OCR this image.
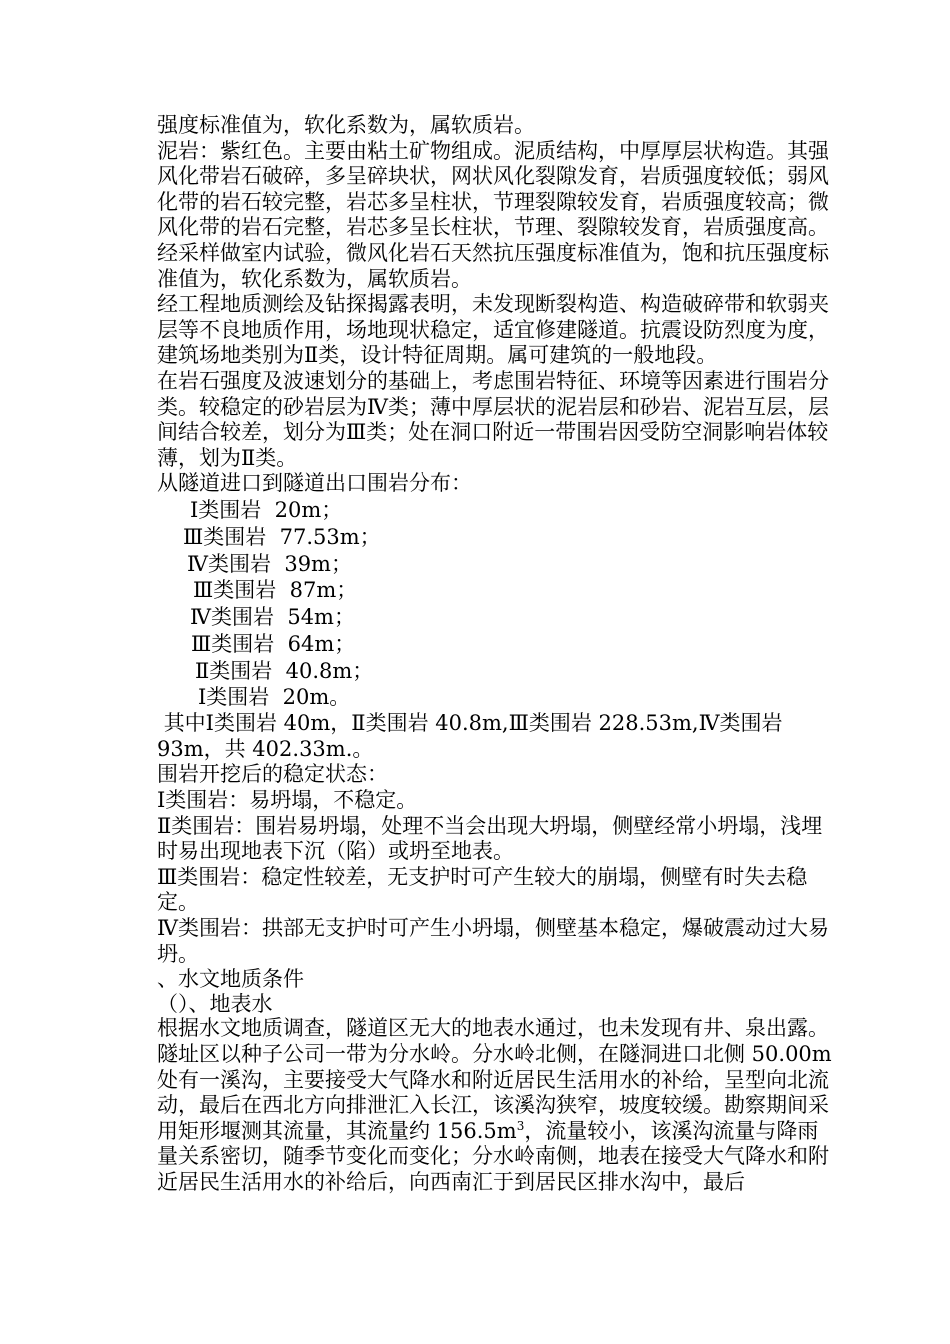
强度标准值为，软化系数为，属软质岩。

泥岩：紫红色。主要由粘土矿物组成。泥质结构，中厚厚层状构造。其强风化带岩石破碎，多呈碎块状，网状风化裂隙发育，岩质强度较低；弱风化带的岩石较完整，岩芯多呈柱状，节理裂隙较发育，岩质强度较高；微风化带的岩石完整，岩芯多呈长柱状，节理、裂隙较发育，岩质强度高。经采样做室内试验，微风化岩石天然抗压强度标准值为，饱和抗压强度标准值为，软化系数为，属软质岩。

经工程地质测绘及钻探揭露表明，未发现断裂构造、构造破碎带和软弱夹层等不良地质作用，场地现状稳定，适宜修建隧道。抗震设防烈度为度，建筑场地类别为Ⅱ类，设计特征周期。属可建筑的一般地段。

在岩石强度及波速划分的基础上，考虑围岩特征、环境等因素进行围岩分类。较稳定的砂岩层为Ⅳ类；薄中厚层状的泥岩层和砂岩、泥岩互层，层间结合较差，划分为Ⅲ类；处在洞口附近一带围岩因受防空洞影响岩体较薄，划为Ⅱ类。

从隧道进口到隧道出口围岩分布：

Ⅰ类围岩  20m；

Ⅲ类围岩  77.53m；

Ⅳ类围岩  39m；

Ⅲ类围岩  87m；

Ⅳ类围岩  54m；

Ⅲ类围岩  64m；

Ⅱ类围岩  40.8m；

Ⅰ类围岩  20m。

其中Ⅰ类围岩 40m，Ⅱ类围岩 40.8m,Ⅲ类围岩 228.53m,Ⅳ类围岩 93m，共 402.33m.。

围岩开挖后的稳定状态：

Ⅰ类围岩：易坍塌，不稳定。

Ⅱ类围岩：围岩易坍塌，处理不当会出现大坍塌，侧壁经常小坍塌，浅埋时易出现地表下沉（陷）或坍至地表。

Ⅲ类围岩：稳定性较差，无支护时可产生较大的崩塌，侧壁有时失去稳定。

Ⅳ类围岩：拱部无支护时可产生小坍塌，侧壁基本稳定，爆破震动过大易坍。

、水文地质条件

（）、地表水

根据水文地质调查，隧道区无大的地表水通过，也未发现有井、泉出露。隧址区以种子公司一带为分水岭。分水岭北侧，在隧洞进口北侧 50.00m 处有一溪沟，主要接受大气降水和附近居民生活用水的补给，呈型向北流动，最后在西北方向排泄汇入长江，该溪沟狭窄，坡度较缓。勘察期间采用矩形堰测其流量，其流量约 $156.5m^3$，流量较小，该溪沟流量与降雨量关系密切，随季节变化而变化；分水岭南侧，地表在接受大气降水和附近居民生活用水的补给后，向西南汇于到居民区排水沟中，最后
